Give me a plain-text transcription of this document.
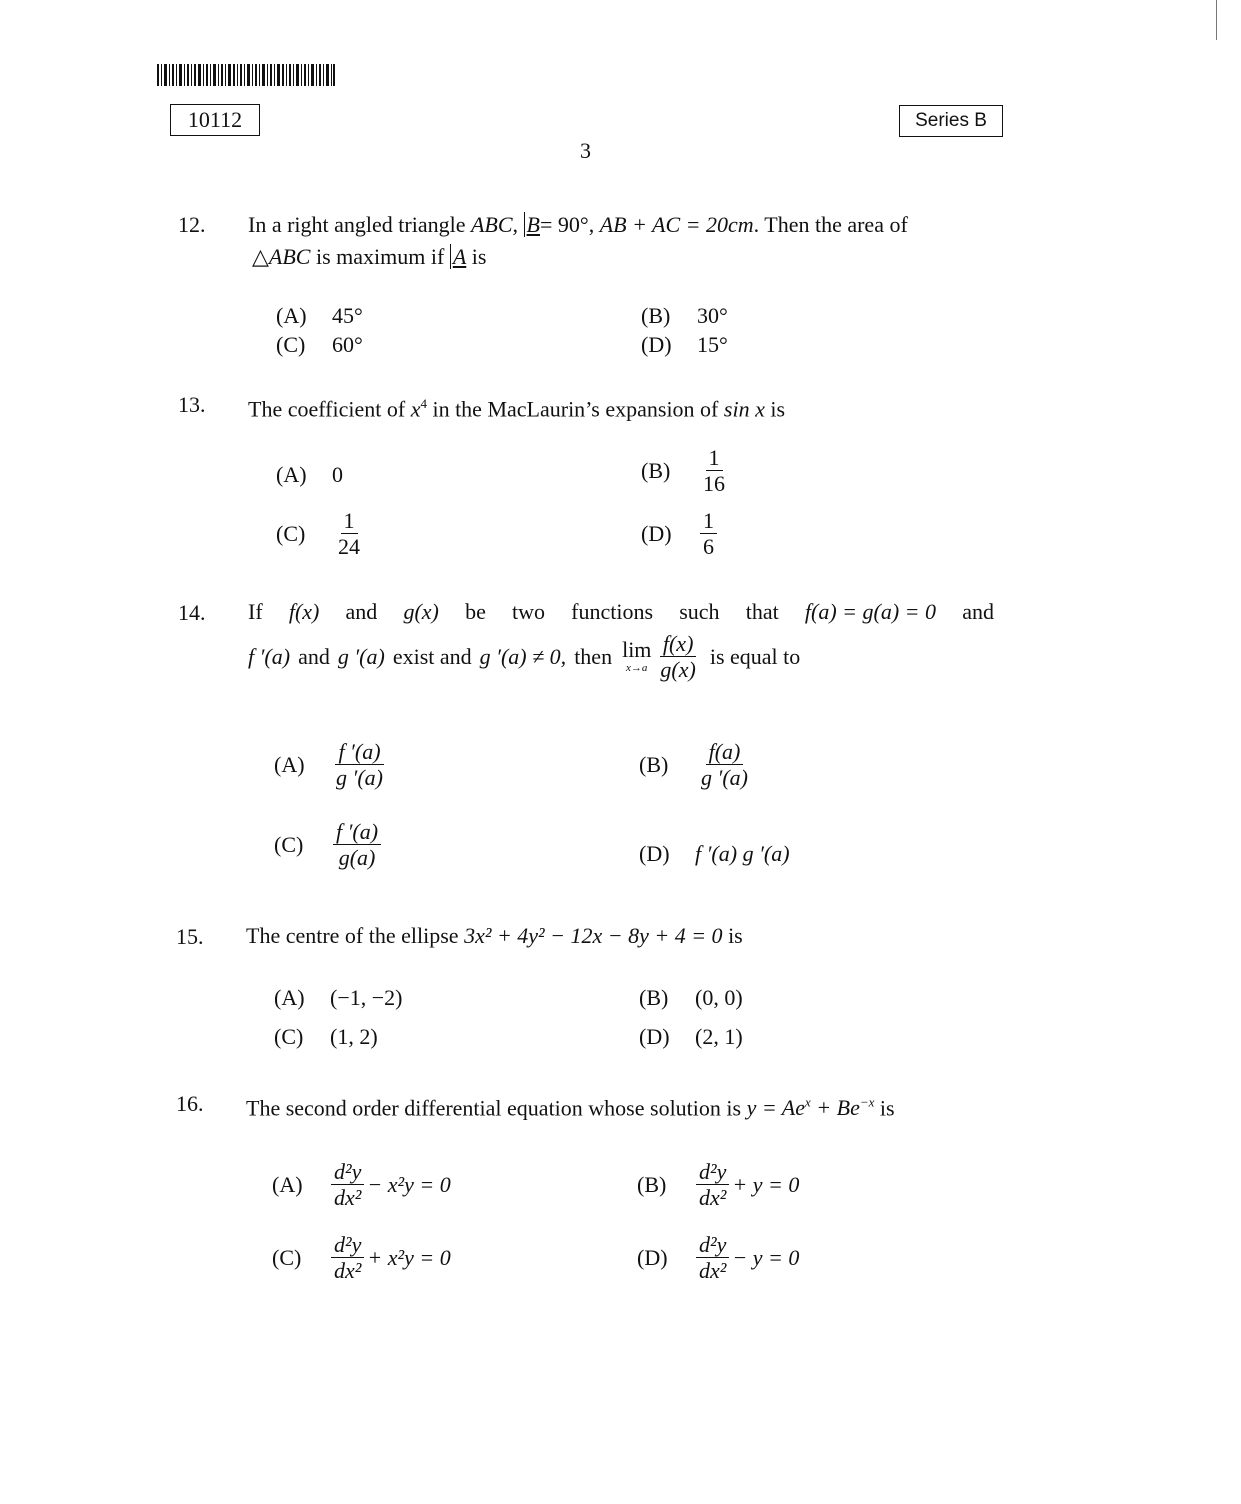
10112	Series B
3
12. In a right angled triangle ABC, B= 90°, AB + AC = 20cm. Then the area of
△ABC is maximum if A is
(A)	45°	(B)	30°
(C)	60°	(D)	15°
13. The coefficient of $x^4$ in the MacLaurin’s expansion of sin x is
(A)	0	(B)	$\frac{1}{16}$
(C)	$\frac{1}{24}$	(D)	$\frac{1}{6}$
14. If f(x) and g(x) be two functions such that f(a) = g(a) = 0 and
f ′(a) and g ′(a) exist and g ′(a) ≠ 0, then lim
$x\to a \frac{f(x)}{g(x)}$ is equal to
(A)	$\frac{f '(a)}{g '(a)}$	(B)	$\frac{f(a)}{g '(a)}$
(C)	$\frac{f '(a)}{g(a)}$	(D)	f ′(a) g ′(a)
15. The centre of the ellipse 3x² + 4y² − 12x − 8y + 4 = 0 is
(A)	(−1, −2)	(B)	(0, 0)
(C)	(1, 2)	(D)	(2, 1)
16. The second order differential equation whose solution is $y = Ae^x + Be^{-x}$ is
(A)	$\frac{\text{d²y}}{\text{dx²}} - x^2y = 0$	(B)	$\frac{\text{d²y}}{\text{dx²}} + y = 0$
(C)	$\frac{\text{d²y}}{\text{dx²}} + x^2y = 0$	(D)	$\frac{\text{d²y}}{\text{dx²}} - y = 0$
